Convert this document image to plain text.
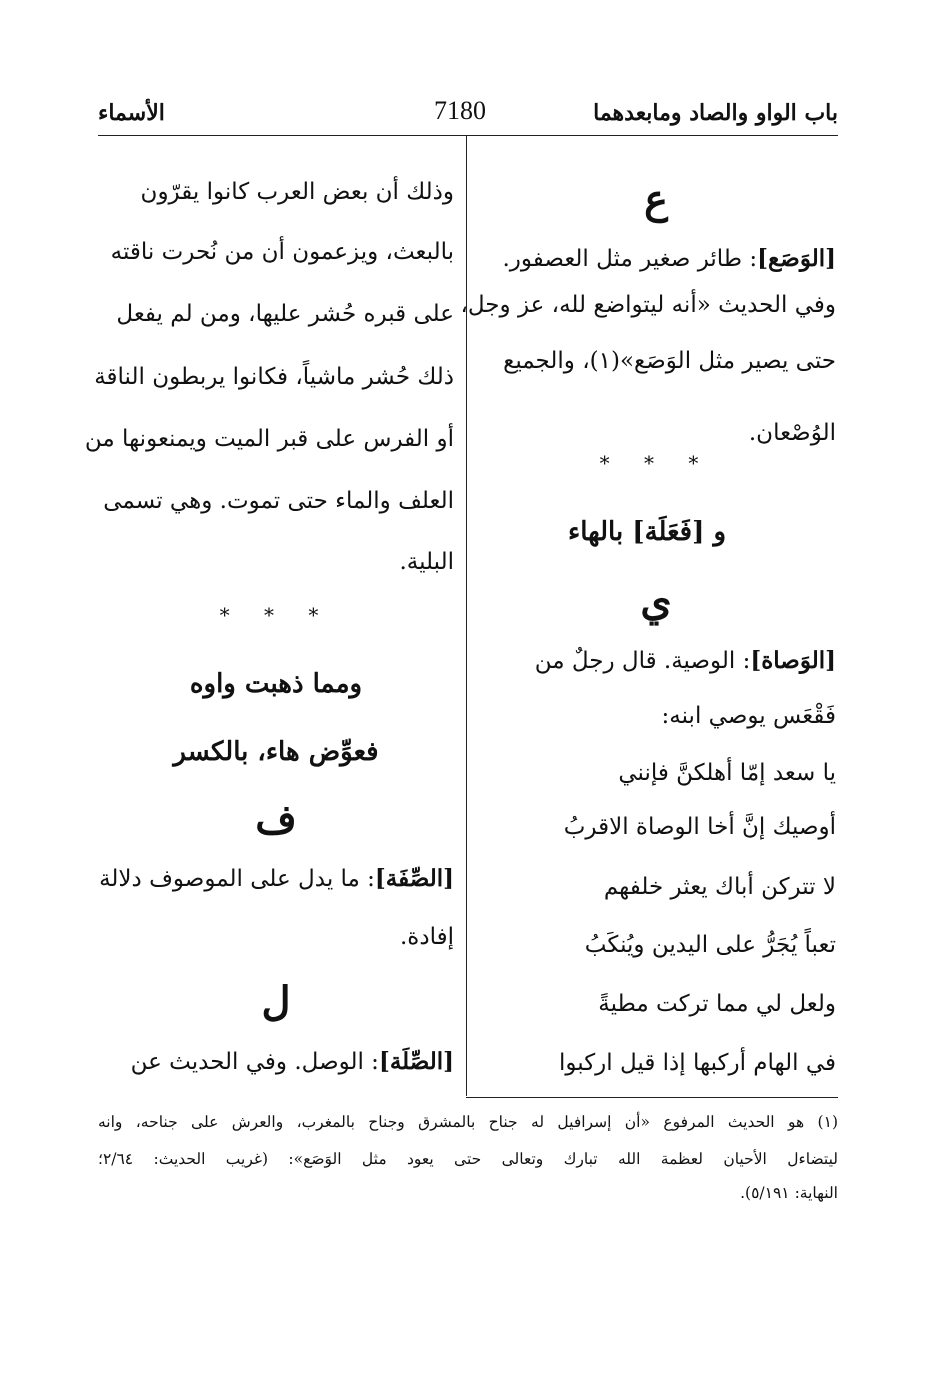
باب الواو والصاد ومابعدهما
7180
الأسماء
ع
[الوَصَع]: طائر صغير مثل العصفور.
وفي الحديث «أنه ليتواضع لله، عز وجل،
حتى يصير مثل الوَصَع»(١)، والجميع
الوُصْعان.
* * *
و [فَعَلَة] بالهاء
ي
[الوَصاة]: الوصية. قال رجلٌ من
فَقْعَس يوصي ابنه:
يا سعد إمّا أهلكنَّ فإنني
أوصيك إنَّ أخا الوصاة الاقربُ
لا تتركن أباك يعثر خلفهم
تعباً يُجَرُّ على اليدين ويُنكَبُ
ولعل لي مما تركت مطيةً
في الهام أركبها إذا قيل اركبوا
وذلك أن بعض العرب كانوا يقرّون
بالبعث، ويزعمون أن من نُحرت ناقته
على قبره حُشر عليها، ومن لم يفعل
ذلك حُشر ماشياً، فكانوا يربطون الناقة
أو الفرس على قبر الميت ويمنعونها من
العلف والماء حتى تموت. وهي تسمى
البلية.
* * *
ومما ذهبت واوه
فعوِّض هاء، بالكسر
ف
[الصِّفَة]: ما يدل على الموصوف دلالة
إفادة.
ل
[الصِّلَة]: الوصل. وفي الحديث عن
(١) هو الحديث المرفوع «أن إسرافيل له جناح بالمشرق وجناح بالمغرب، والعرش على جناحه، وانه
ليتضاءل الأحيان لعظمة الله تبارك وتعالى حتى يعود مثل الوَصَع»: (غريب الحديث: ٢/٦٤؛
النهاية: ٥/١٩١).
